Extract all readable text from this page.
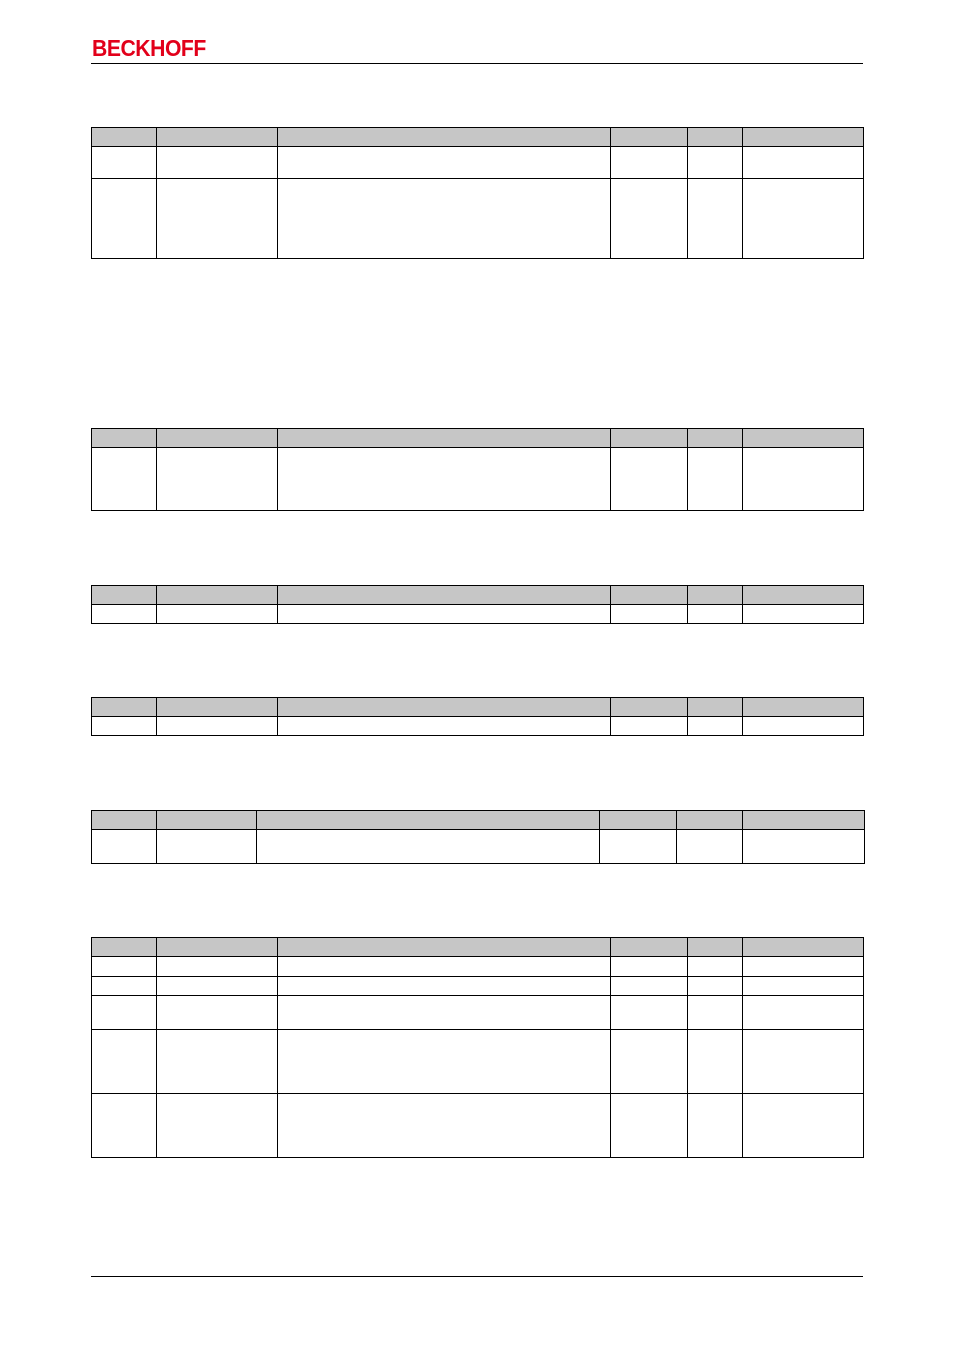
BECKHOFF
